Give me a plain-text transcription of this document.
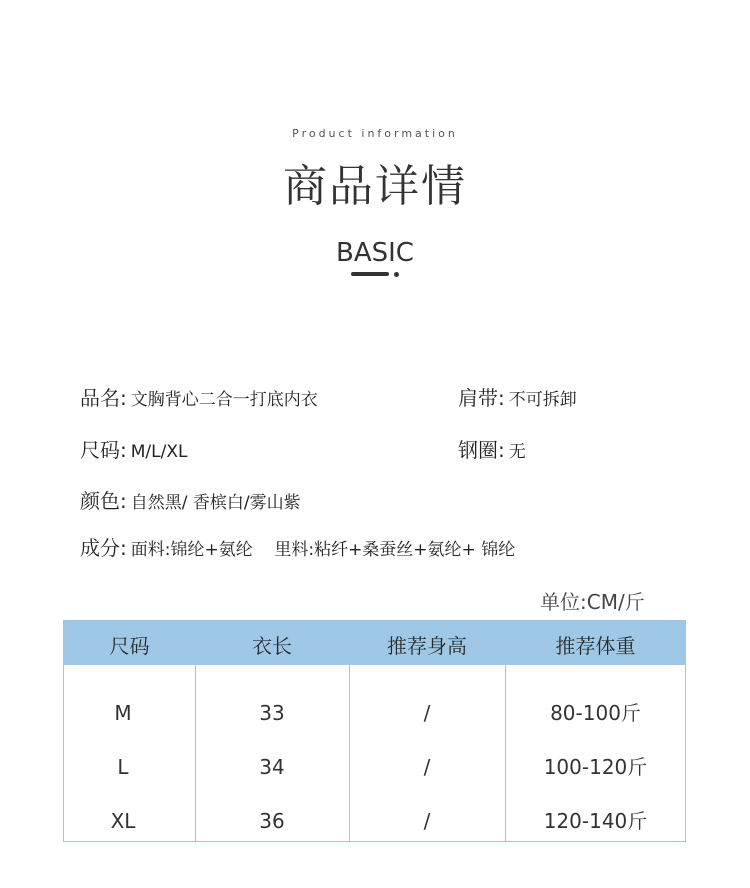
Product information
商品详情
BASIC
品名: 文胸背心二合一打底内衣	肩带: 不可拆卸
尺码: M/L/XL	钢圈: 无
颜色: 自然黑/ 香槟白/雾山紫
成分: 面料:锦纶+氨纶    里料:粘纤+桑蚕丝+氨纶+ 锦纶
单位:CM/斤
尺码	衣长	推荐身高	推荐体重
M	33	/	80-100斤
L	34	/	100-120斤
XL	36	/	120-140斤
